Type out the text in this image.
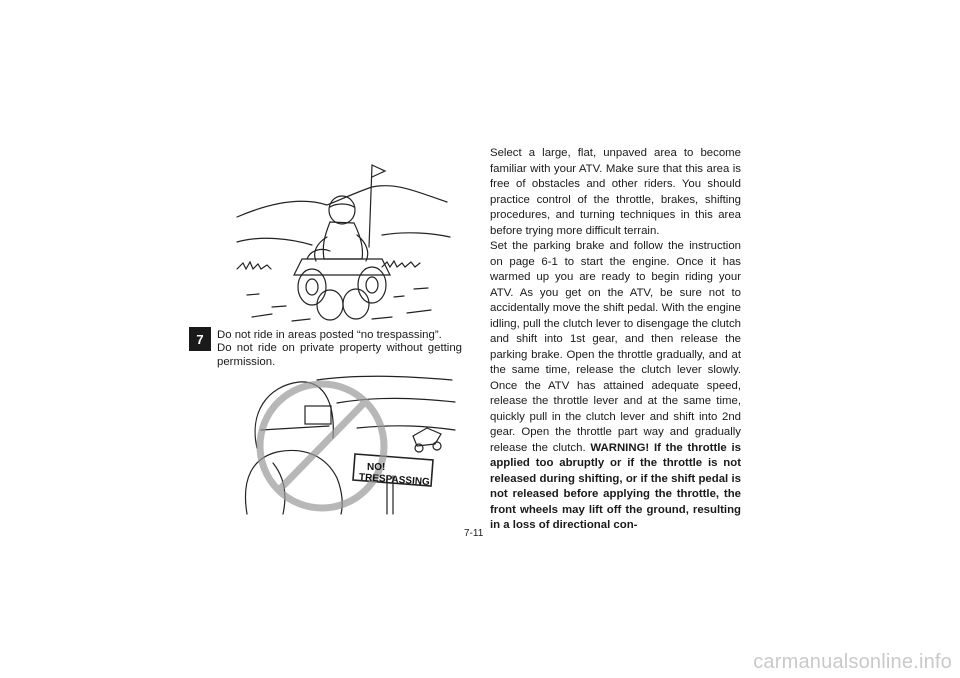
7	Do not ride in areas posted “no trespassing”.

Do not ride on private property without getting permission.

NO!
TRESPASSING

Select a large, flat, unpaved area to become familiar with your ATV. Make sure that this area is free of obstacles and other riders. You should practice control of the throttle, brakes, shifting procedures, and turning techniques in this area before trying more difficult terrain.

Set the parking brake and follow the instruction on page 6-1 to start the engine. Once it has warmed up you are ready to begin riding your ATV. As you get on the ATV, be sure not to accidentally move the shift pedal. With the engine idling, pull the clutch lever to disengage the clutch and shift into 1st gear, and then release the parking brake. Open the throttle gradually, and at the same time, release the clutch lever slowly. Once the ATV has attained adequate speed, release the throttle lever and at the same time, quickly pull in the clutch lever and shift into 2nd gear. Open the throttle part way and gradually release the clutch. WARNING! If the throttle is applied too abruptly or if the throttle is not released during shifting, or if the shift pedal is not released before applying the throttle, the front wheels may lift off the ground, resulting in a loss of directional con-

7-11
carmanualsonline.info
